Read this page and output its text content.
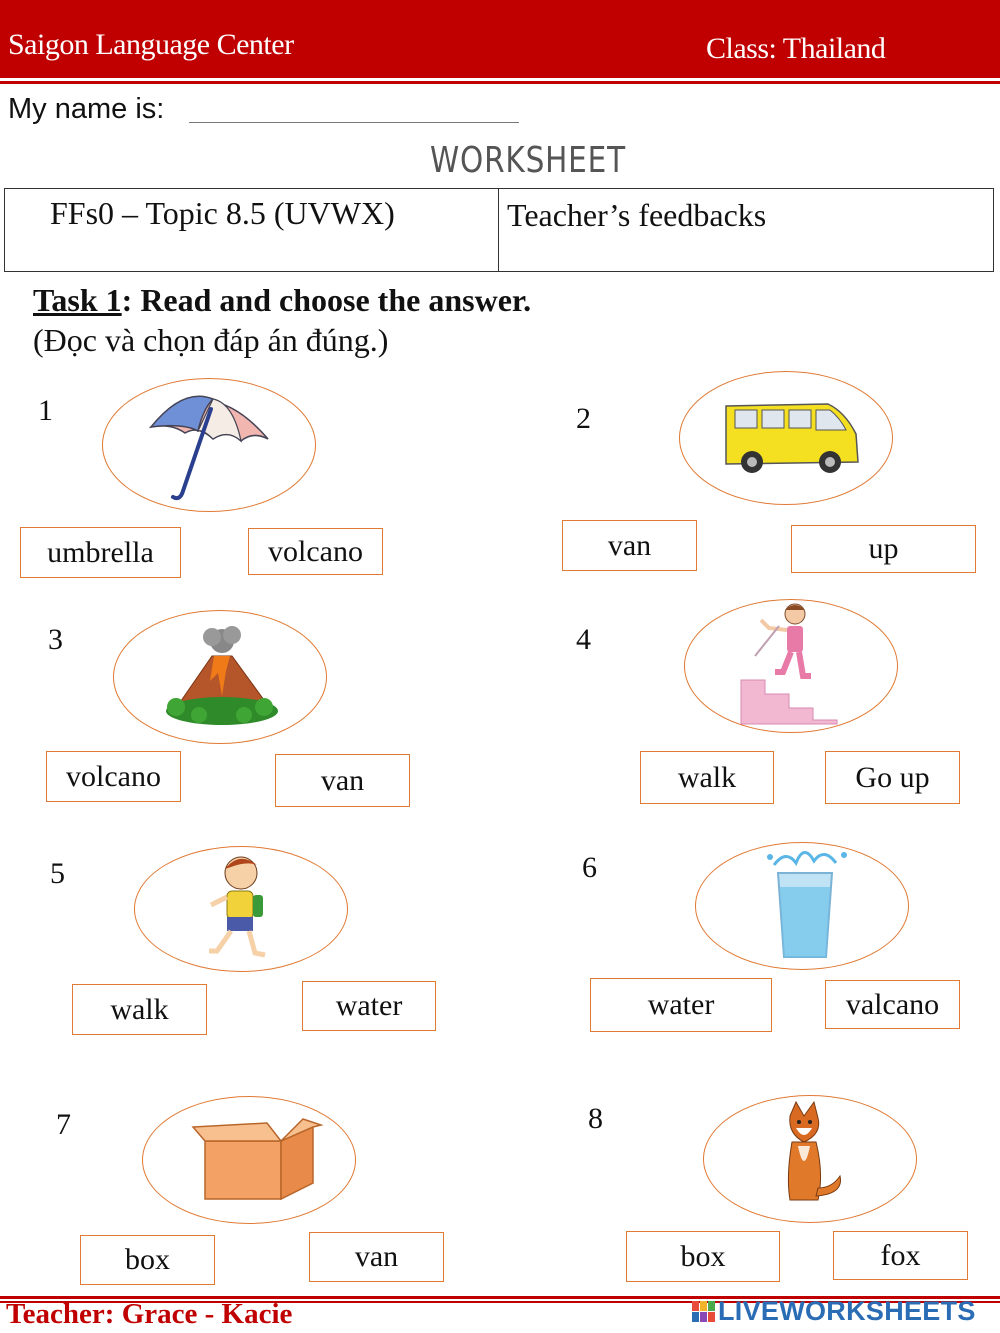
Saigon Language Center	Class: Thailand
My name is:
WORKSHEET
FFs0 – Topic 8.5 (UVWX)	Teacher’s feedbacks
Task 1: Read and choose the answer.
(Đọc và chọn đáp án đúng.)
1
umbrella	volcano
2
van	up
3
volcano	van
4
walk	Go up
5
walk	water
6
water	valcano
7
box	van
8
box	fox
Teacher: Grace - Kacie	LIVEWORKSHEETS
